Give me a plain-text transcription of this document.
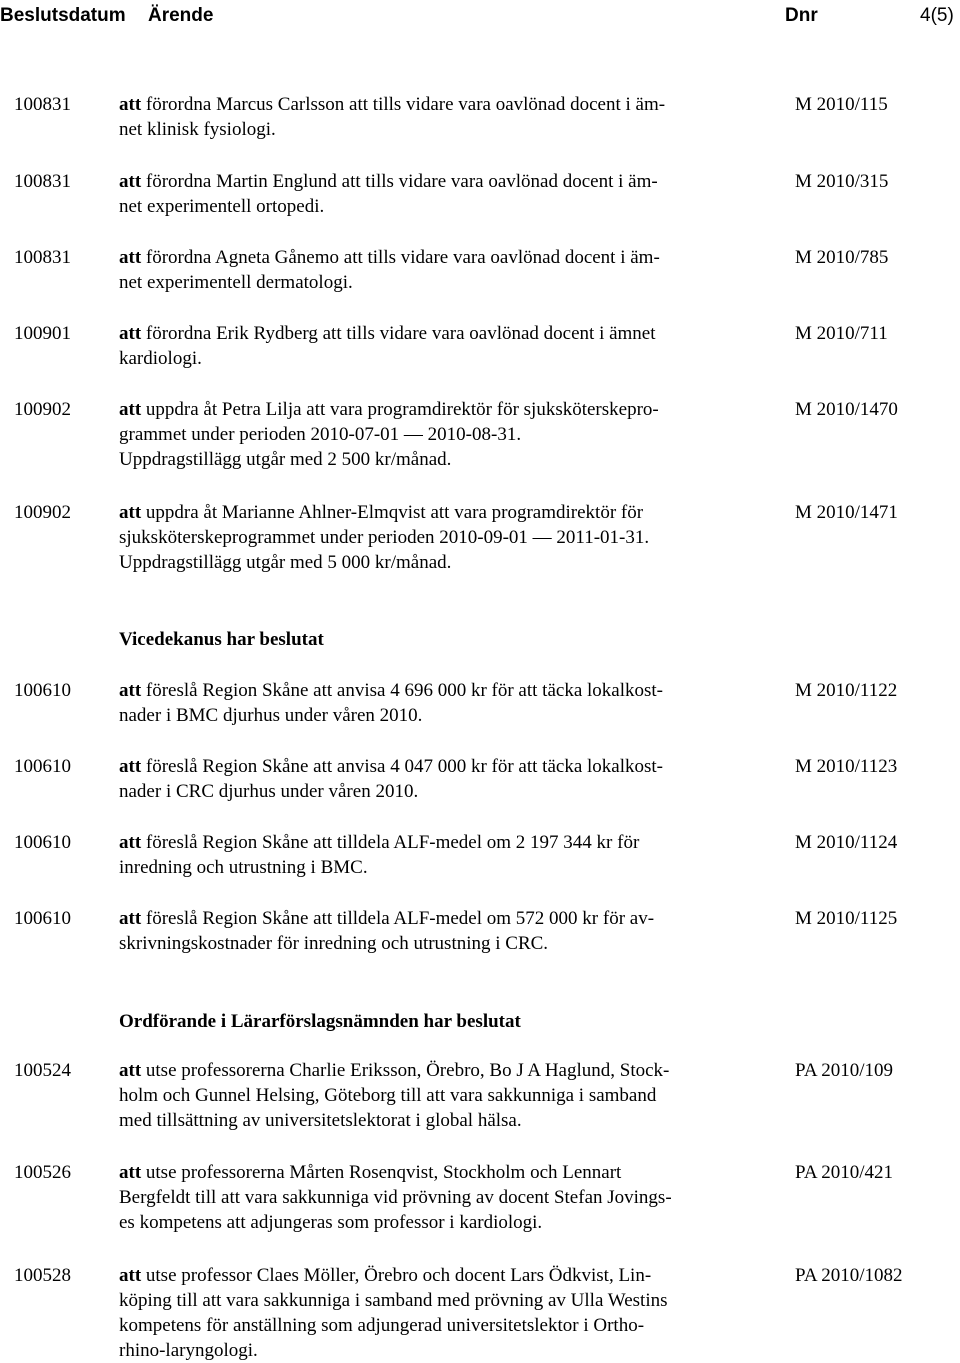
Beslutsdatum Ärende	Dnr	4(5)
100831	att förordna Marcus Carlsson att tills vidare vara oavlönad docent i äm-
net klinisk fysiologi.
M 2010/115
100831	att förordna Martin Englund att tills vidare vara oavlönad docent i äm-
net experimentell ortopedi.
M 2010/315
100831	att förordna Agneta Gånemo att tills vidare vara oavlönad docent i äm-
net experimentell dermatologi.
M 2010/785
100901	att förordna Erik Rydberg att tills vidare vara oavlönad docent i ämnet
kardiologi.
M 2010/711
100902	att uppdra åt Petra Lilja att vara programdirektör för sjuksköterskepro-
grammet under perioden 2010-07-01 — 2010-08-31.
Uppdragstillägg utgår med 2 500 kr/månad.
M 2010/1470
100902	att uppdra åt Marianne Ahlner-Elmqvist att vara programdirektör för
sjuksköterskeprogrammet under perioden 2010-09-01 — 2011-01-31.
Uppdragstillägg utgår med 5 000 kr/månad.
M 2010/1471
Vicedekanus har beslutat
100610	att föreslå Region Skåne att anvisa 4 696 000 kr för att täcka lokalkost-
nader i BMC djurhus under våren 2010.
M 2010/1122
100610	att föreslå Region Skåne att anvisa 4 047 000 kr för att täcka lokalkost-
nader i CRC djurhus under våren 2010.
M 2010/1123
100610	att föreslå Region Skåne att tilldela ALF-medel om 2 197 344 kr för
inredning och utrustning i BMC.
M 2010/1124
100610	att föreslå Region Skåne att tilldela ALF-medel om 572 000 kr för av-
skrivningskostnader för inredning och utrustning i CRC.
M 2010/1125
Ordförande i Lärarförslagsnämnden har beslutat
100524	att utse professorerna Charlie Eriksson, Örebro, Bo J A Haglund, Stock-
holm och Gunnel Helsing, Göteborg till att vara sakkunniga i samband
med tillsättning av universitetslektorat i global hälsa.
PA 2010/109
100526	att utse professorerna Mårten Rosenqvist, Stockholm och Lennart
Bergfeldt till att vara sakkunniga vid prövning av docent Stefan Jovings-
es kompetens att adjungeras som professor i kardiologi.
PA 2010/421
100528	att utse professor Claes Möller, Örebro och docent Lars Ödkvist, Lin-
köping till att vara sakkunniga i samband med prövning av Ulla Westins
kompetens för anställning som adjungerad universitetslektor i Ortho-
rhino-laryngologi.
PA 2010/1082
